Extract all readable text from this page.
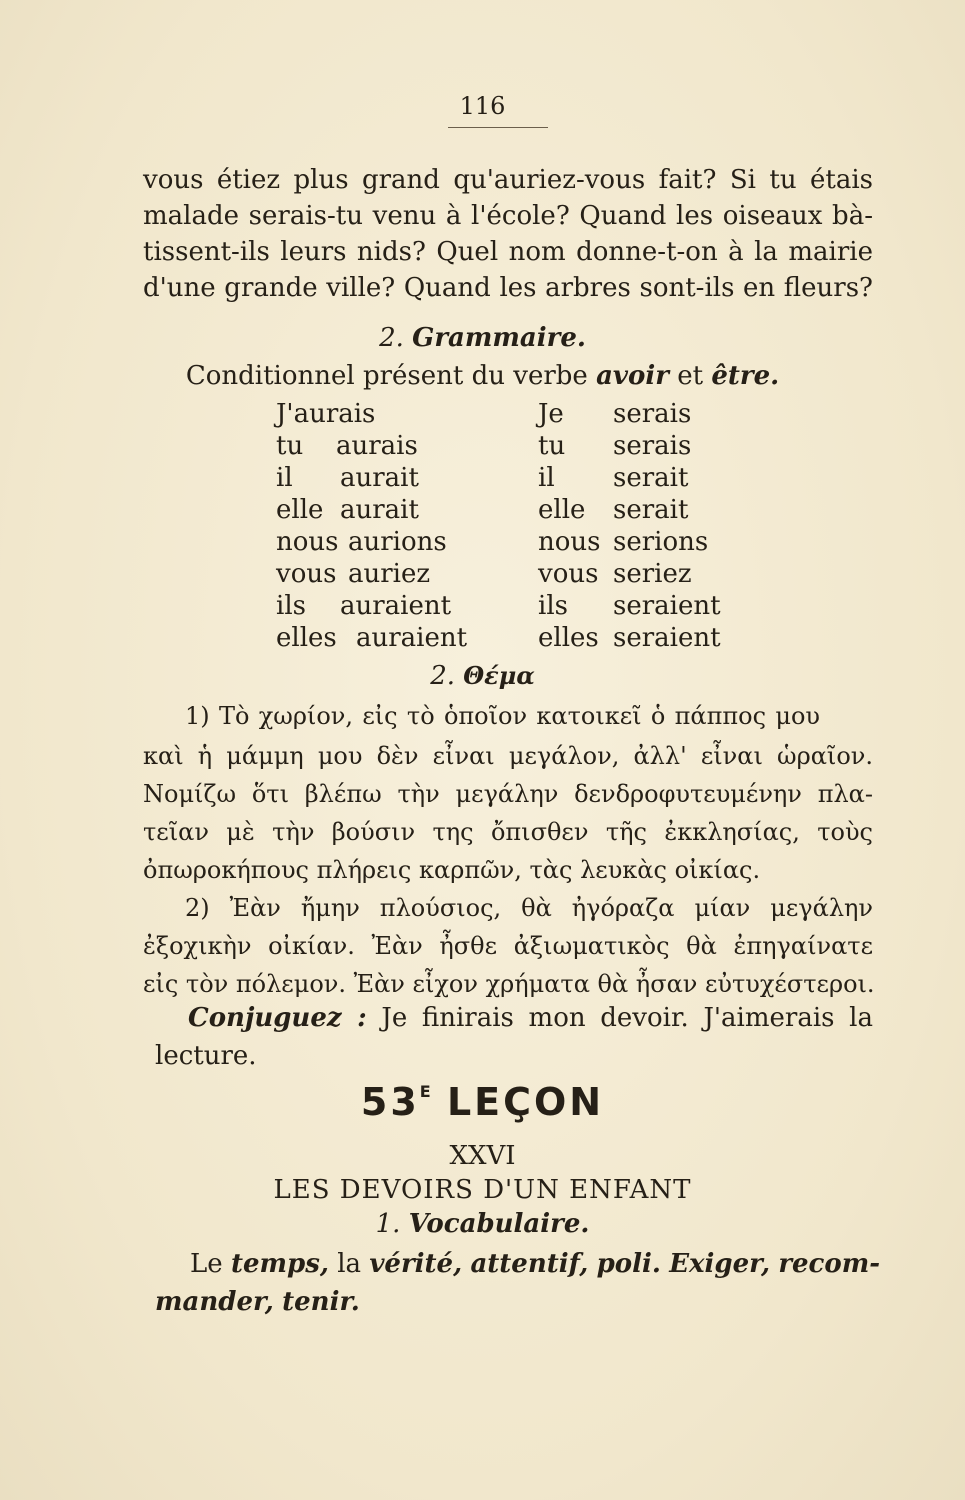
116
vous étiez plus grand qu'auriez-vous fait? Si tu étais
malade serais-tu venu à l'école? Quand les oiseaux bà-
tissent-ils leurs nids? Quel nom donne-t-on à la mairie
d'une grande ville? Quand les arbres sont-ils en fleurs?
2. Grammaire.
Conditionnel présent du verbe avoir et être.
J'aurais
tu aurais
il aurait
elle aurait
nous aurions
vous auriez
ils auraient
elles auraient
Je serais
tu serais
il serait
elle serait
nous serions
vous seriez
ils seraient
elles seraient
2. Θέμα
1) Τὸ χωρίον, εἰς τὸ ὁποῖον κατοικεῖ ὁ πάππος μου
καὶ ἡ μάμμη μου δὲν εἶναι μεγάλον, ἀλλ' εἶναι ὡραῖον.
Νομίζω ὅτι βλέπω τὴν μεγάλην δενδροφυτευμένην πλα-
τεῖαν μὲ τὴν βούσιν της ὄπισθεν τῆς ἐκκλησίας, τοὺς
ὀπωροκήπους πλήρεις καρπῶν, τὰς λευκὰς οἰκίας.
2) Ἐὰν ἤμην πλούσιος, θὰ ἠγόραζα μίαν μεγάλην
ἐξοχικὴν οἰκίαν. Ἐὰν ἦσθε ἀξιωματικὸς θὰ ἐπηγαίνατε
εἰς τὸν πόλεμον. Ἐὰν εἶχον χρήματα θὰ ἦσαν εὐτυχέστεροι.
Conjuguez : Je finirais mon devoir. J'aimerais la
lecture.
$53^E$ LEÇON
XXVI
LES DEVOIRS D'UN ENFANT
1. Vocabulaire.
Le temps, la vérité, attentif, poli. Exiger, recom-
mander, tenir.
